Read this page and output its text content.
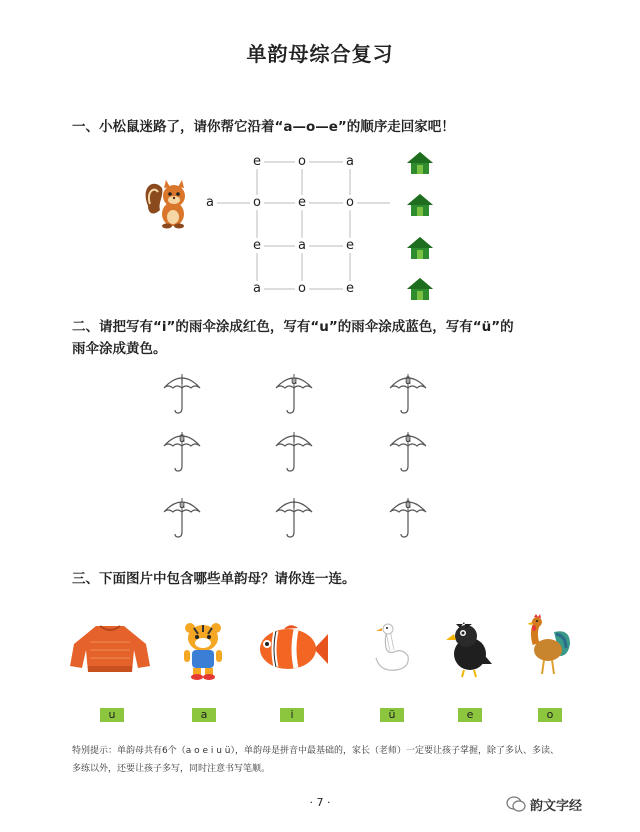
单韵母综合复习
一、小松鼠迷路了，请你帮它沿着“a—o—e”的顺序走回家吧！
e	o	a
a	o	e	o
e	a	e
a	o	e
二、请把写有“i”的雨伞涂成红色，写有“u”的雨伞涂成蓝色，写有“ü”的
雨伞涂成黄色。
i	u	ü
ü	i	ü
u	i	ü
三、下面图片中包含哪些单韵母？请你连一连。
u	a	i	ü	e	o
特别提示：单韵母共有6个（a o e i u ü），单韵母是拼音中最基础的，家长（老师）一定要让孩子掌握，除了多认、多读、
多练以外，还要让孩子多写，同时注意书写笔顺。
· 7 ·	韵文字经
